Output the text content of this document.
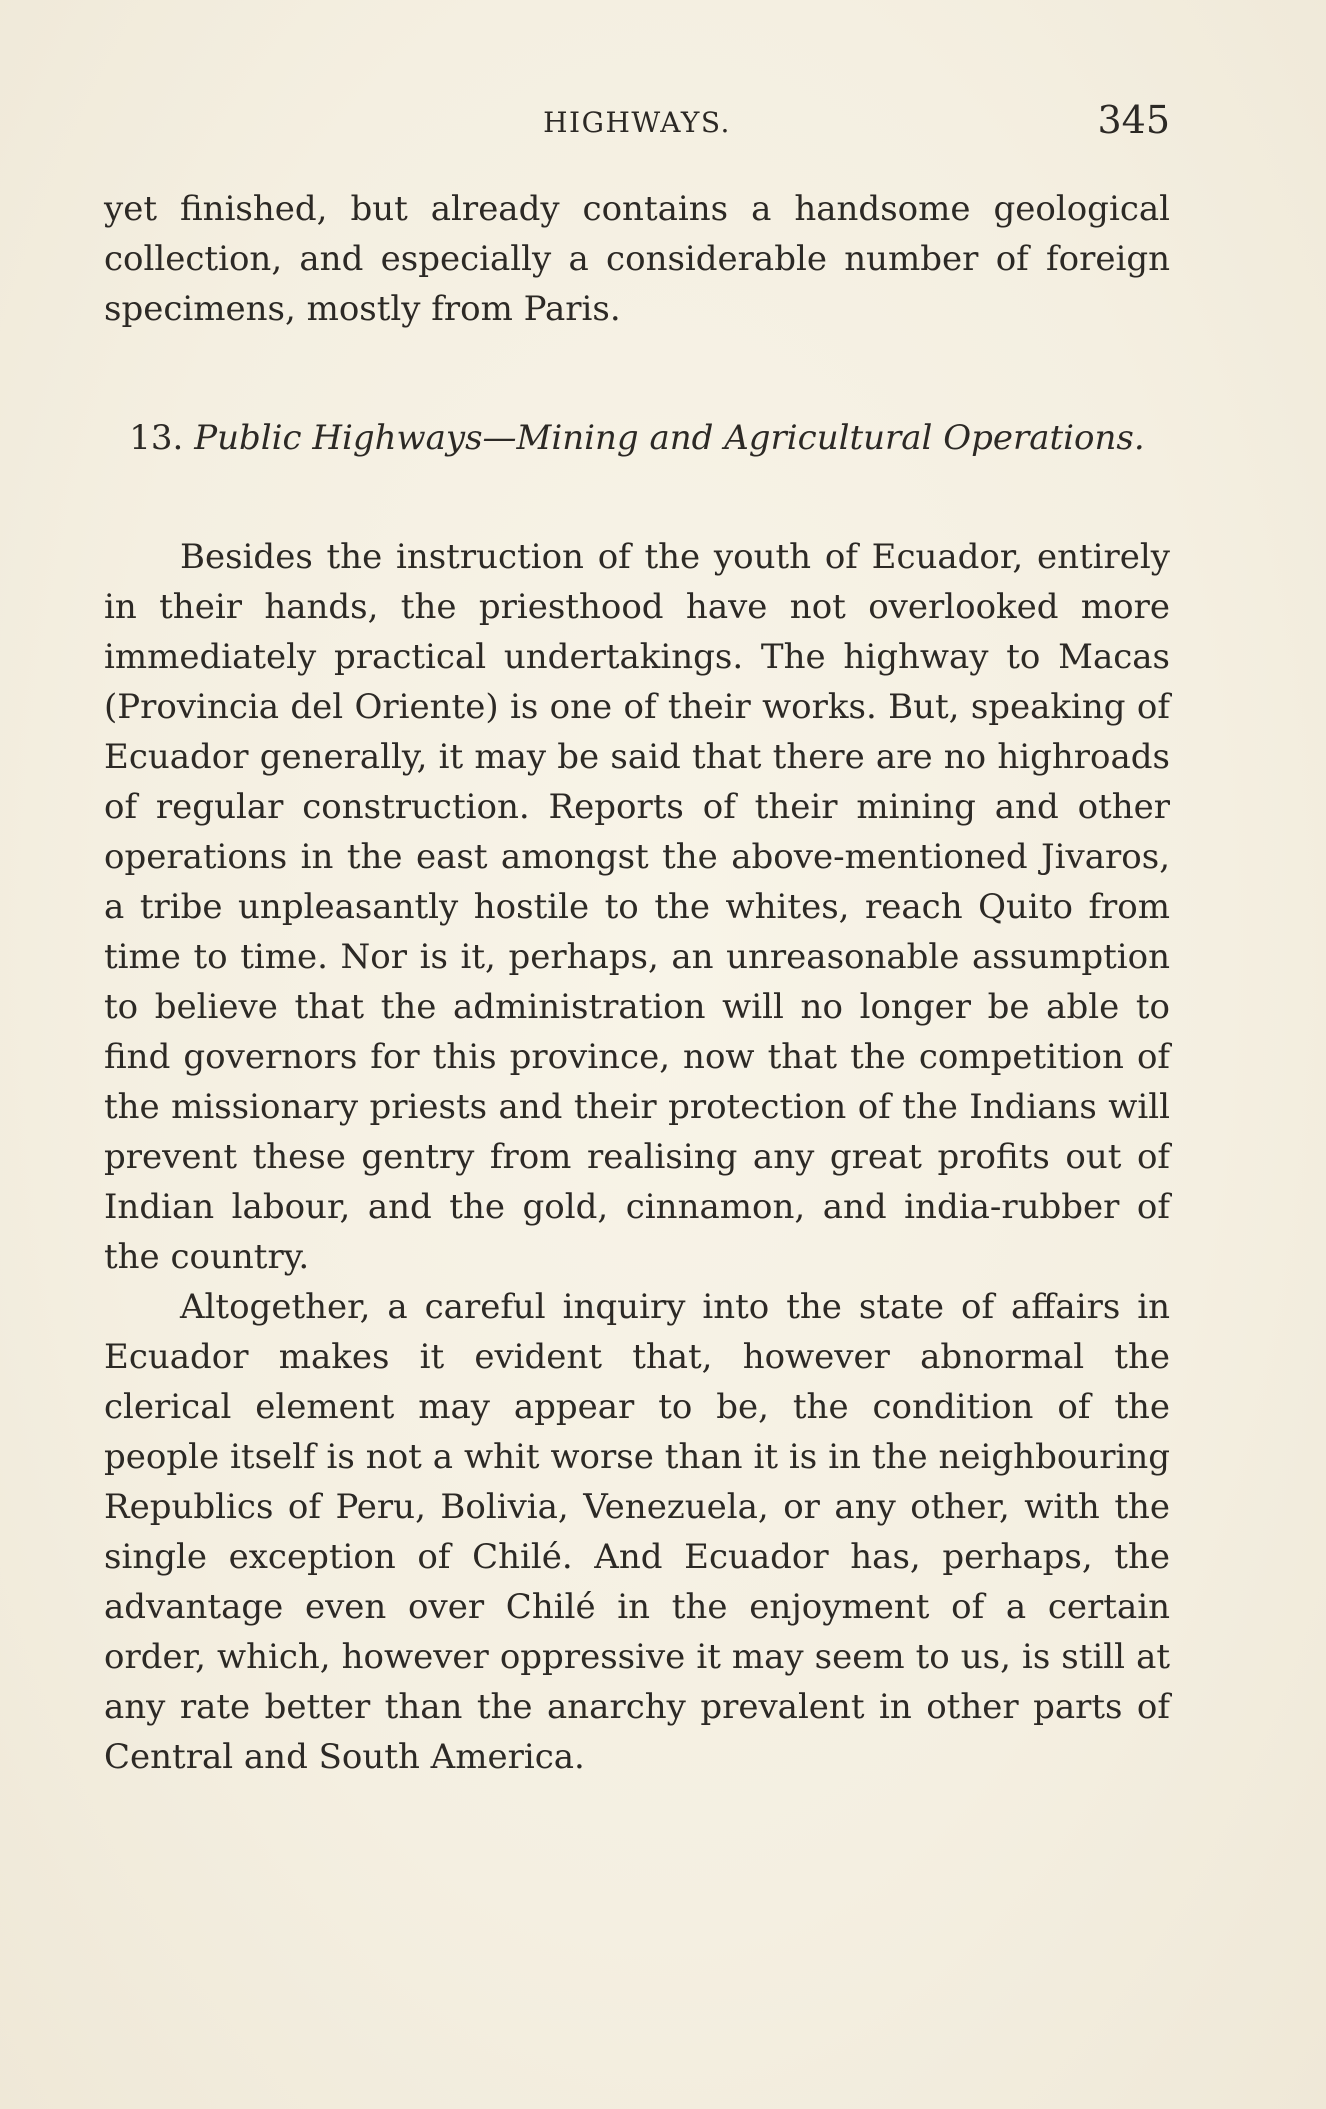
HIGHWAYS.	345

yet finished, but already contains a handsome geological collection, and especially a considerable number of foreign specimens, mostly from Paris.

13. Public Highways—Mining and Agricultural Operations.

Besides the instruction of the youth of Ecuador, entirely in their hands, the priesthood have not overlooked more immediately practical undertakings. The highway to Macas (Provincia del Oriente) is one of their works. But, speaking of Ecuador generally, it may be said that there are no highroads of regular construction. Reports of their mining and other operations in the east amongst the above-mentioned Jivaros, a tribe unpleasantly hostile to the whites, reach Quito from time to time. Nor is it, perhaps, an unreasonable assumption to believe that the administration will no longer be able to find governors for this province, now that the competition of the missionary priests and their protection of the Indians will prevent these gentry from realising any great profits out of Indian labour, and the gold, cinnamon, and india-rubber of the country.

Altogether, a careful inquiry into the state of affairs in Ecuador makes it evident that, however abnormal the clerical element may appear to be, the condition of the people itself is not a whit worse than it is in the neighbouring Republics of Peru, Bolivia, Venezuela, or any other, with the single exception of Chilé. And Ecuador has, perhaps, the advantage even over Chilé in the enjoyment of a certain order, which, however oppressive it may seem to us, is still at any rate better than the anarchy prevalent in other parts of Central and South America.
